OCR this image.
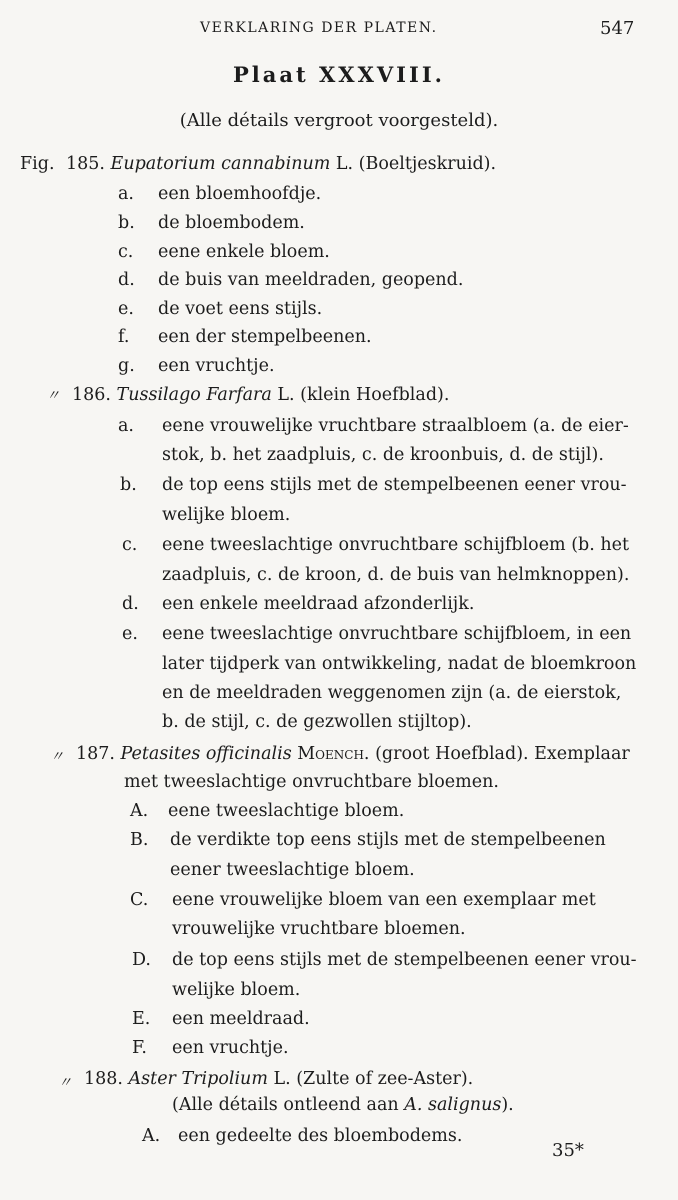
VERKLARING DER PLATEN.	547
Plaat XXXVIII.
(Alle détails vergroot voorgesteld).
Fig. 185. Eupatorium cannabinum L. (Boeltjeskruid).
a. een bloemhoofdje.
b. de bloembodem.
c. eene enkele bloem.
d. de buis van meeldraden, geopend.
e. de voet eens stijls.
f. een der stempelbeenen.
g. een vruchtje.
〃 186. Tussilago Farfara L. (klein Hoefblad).
a. eene vrouwelijke vruchtbare straalbloem (a. de eier-
stok, b. het zaadpluis, c. de kroonbuis, d. de stijl).
b. de top eens stijls met de stempelbeenen eener vrou-
welijke bloem.
c. eene tweeslachtige onvruchtbare schijfbloem (b. het
zaadpluis, c. de kroon, d. de buis van helmknoppen).
d. een enkele meeldraad afzonderlijk.
e. eene tweeslachtige onvruchtbare schijfbloem, in een
later tijdperk van ontwikkeling, nadat de bloemkroon
en de meeldraden weggenomen zijn (a. de eierstok,
b. de stijl, c. de gezwollen stijltop).
〃 187. Petasites officinalis Moench. (groot Hoefblad). Exemplaar
met tweeslachtige onvruchtbare bloemen.
A. eene tweeslachtige bloem.
B. de verdikte top eens stijls met de stempelbeenen
eener tweeslachtige bloem.
C. eene vrouwelijke bloem van een exemplaar met
vrouwelijke vruchtbare bloemen.
D. de top eens stijls met de stempelbeenen eener vrou-
welijke bloem.
E. een meeldraad.
F. een vruchtje.
〃 188. Aster Tripolium L. (Zulte of zee-Aster).
(Alle détails ontleend aan A. salignus).
A. een gedeelte des bloembodems.
35*
